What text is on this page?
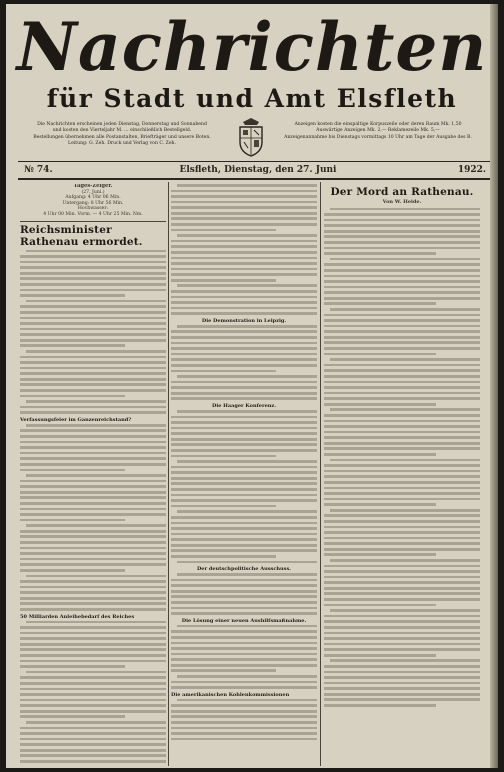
Nachrichten
für Stadt und Amt Elsfleth

Die Nachrichten erscheinen jeden Dienstag, Donnerstag und Sonnabend

und kosten den Vierteljahr M. … einschließlich Bestellgeld.

Bestellungen übernehmen alle Postanstalten, Briefträger und unsere Boten.

Leitung: G. Zeh. Druck und Verlag von C. Zeh.

Anzeigen kosten die einspaltige Korpuszeile oder deren Raum Mk. 1,50

Auswärtige Anzeigen Mk. 2,— Reklamezeile Mk. 5,—

Anzeigenannahme bis Dienstags vormittags 10 Uhr am Tage der Ausgabe des B.

№ 74.	Elsfleth, Dienstag, den 27. Juni	1922.
Tages-Zeiger.
(27. Juni.)
Aufgang: 4 Uhr 06 Min.
Untergang: 8 Uhr 56 Min.
Hochwasser:
4 Uhr 00 Min. Vorm. — 4 Uhr 25 Min. Nm.
Reichsminister Rathenau ermordet.
Verfassungsfeier im Ganzenreichstand?
50 Milliarden Anleihebedarf des Reiches
Die Demonstration in Leipzig.
Die Haager Konferenz.
Der deutschpolitische Ausschuss.
Die Lösung einer neuen Aushilfsmaßnahme.
Die amerikanischen Kohlenkommissionen
Der Mord an Rathenau.
Von W. Heide.
